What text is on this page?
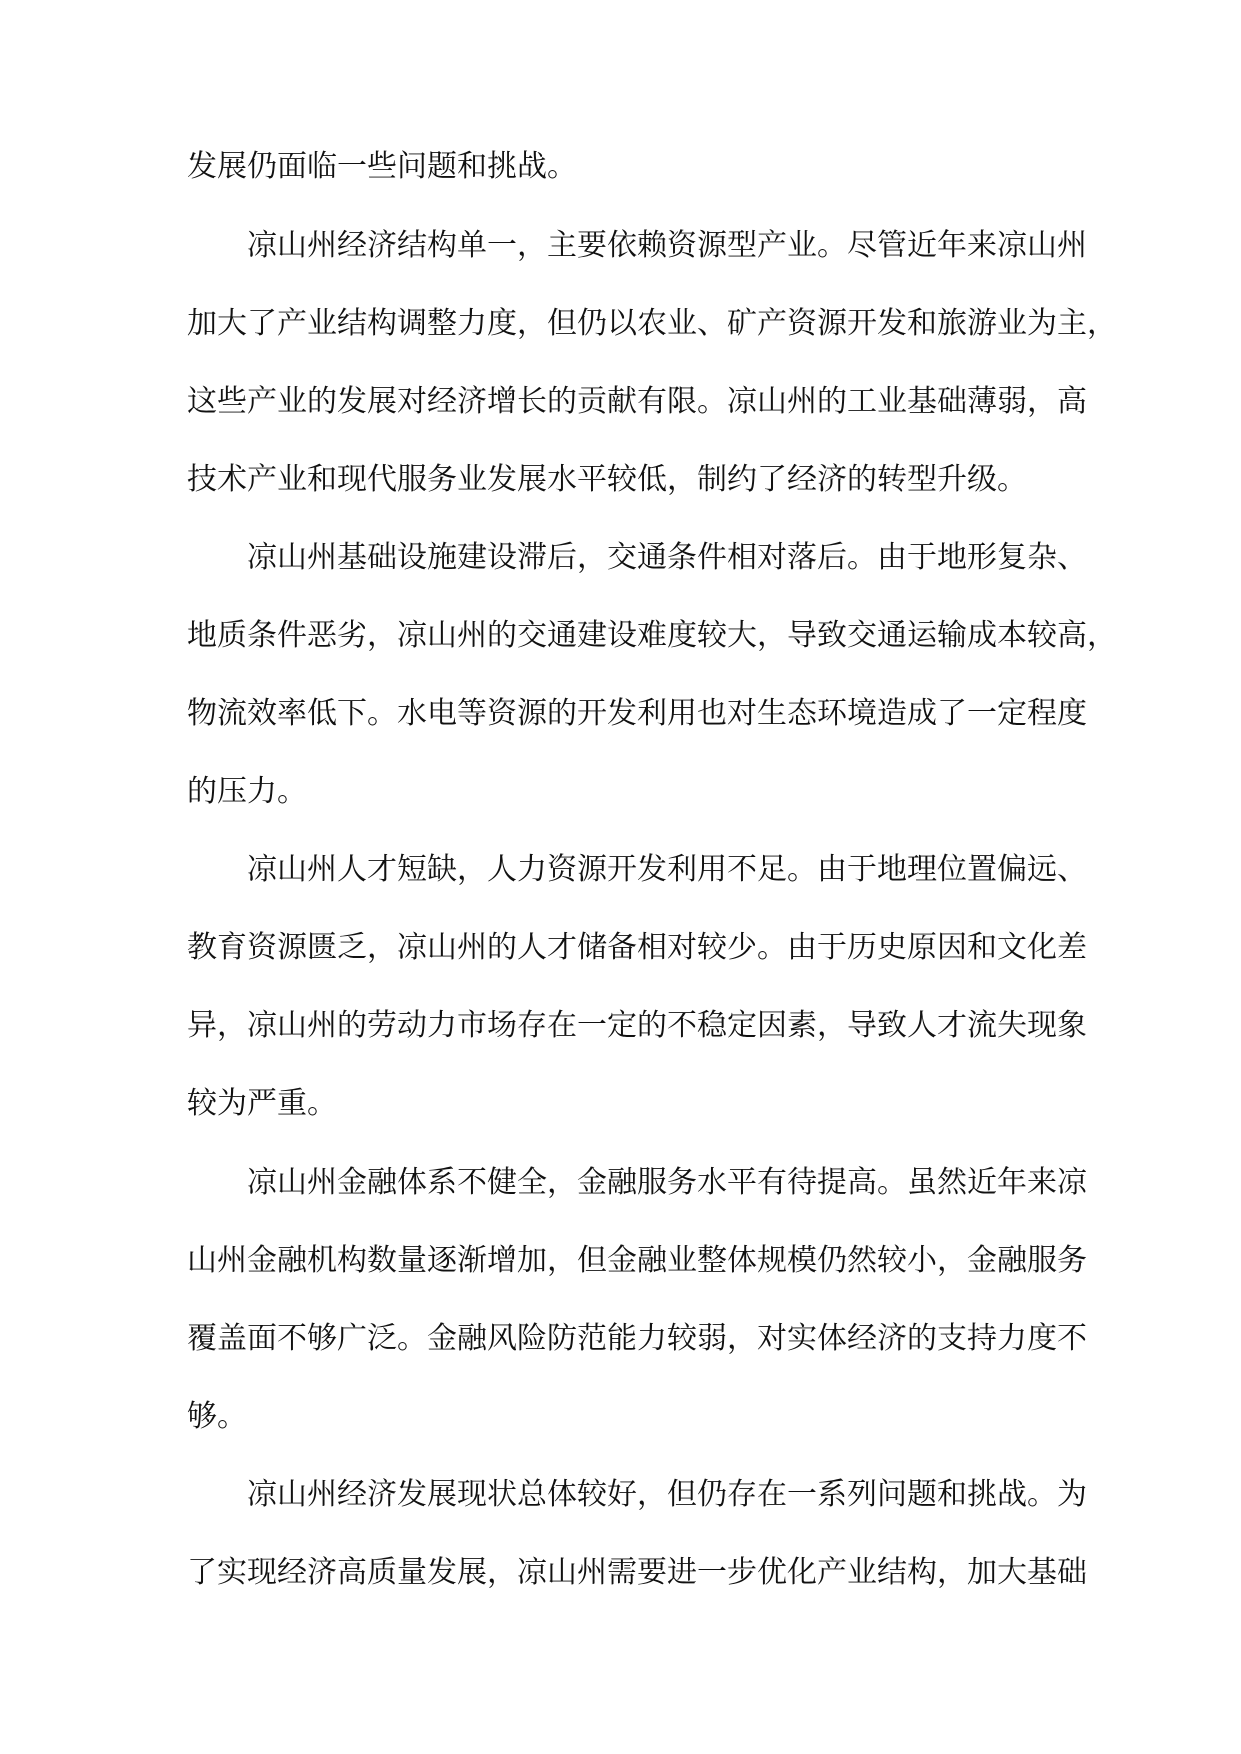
发展仍面临一些问题和挑战。
凉山州经济结构单一，主要依赖资源型产业。尽管近年来凉山州
加大了产业结构调整力度，但仍以农业、矿产资源开发和旅游业为主，
这些产业的发展对经济增长的贡献有限。凉山州的工业基础薄弱，高
技术产业和现代服务业发展水平较低，制约了经济的转型升级。
凉山州基础设施建设滞后，交通条件相对落后。由于地形复杂、
地质条件恶劣，凉山州的交通建设难度较大，导致交通运输成本较高，
物流效率低下。水电等资源的开发利用也对生态环境造成了一定程度
的压力。
凉山州人才短缺，人力资源开发利用不足。由于地理位置偏远、
教育资源匮乏，凉山州的人才储备相对较少。由于历史原因和文化差
异，凉山州的劳动力市场存在一定的不稳定因素，导致人才流失现象
较为严重。
凉山州金融体系不健全，金融服务水平有待提高。虽然近年来凉
山州金融机构数量逐渐增加，但金融业整体规模仍然较小，金融服务
覆盖面不够广泛。金融风险防范能力较弱，对实体经济的支持力度不
够。
凉山州经济发展现状总体较好，但仍存在一系列问题和挑战。为
了实现经济高质量发展，凉山州需要进一步优化产业结构，加大基础
